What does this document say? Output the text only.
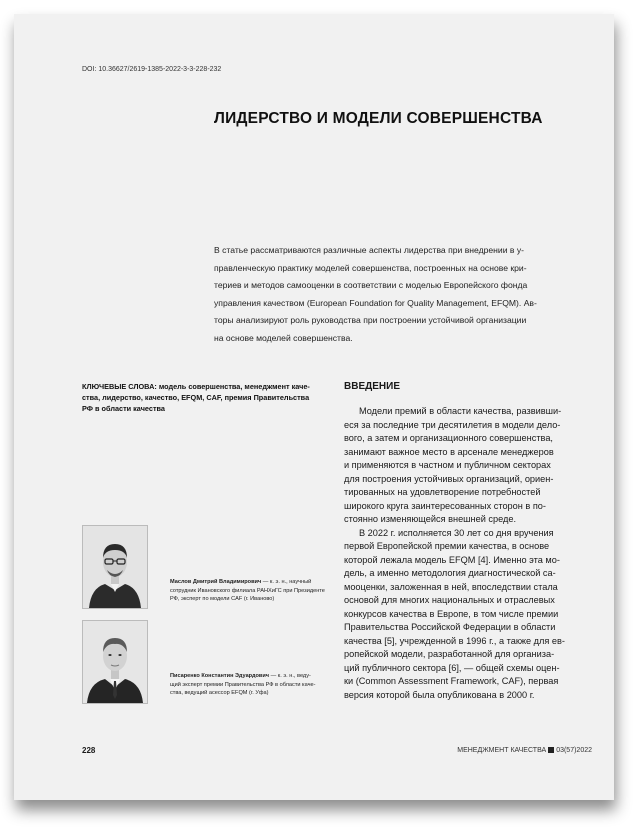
DOI: 10.36627/2619-1385-2022-3-3-228-232
ЛИДЕРСТВО И МОДЕЛИ СОВЕРШЕНСТВА
В статье рассматриваются различные аспекты лидерства при внедрении в у-
правленческую практику моделей совершенства, построенных на основе кри-
териев и методов самооценки в соответствии с моделью Европейского фонда
управления качеством (European Foundation for Quality Management, EFQM). Ав-
торы анализируют роль руководства при построении устойчивой организации
на основе моделей совершенства.
КЛЮЧЕВЫЕ СЛОВА: модель совершенства, менеджмент каче-
ства, лидерство, качество, EFQM, CAF, премия Правительства
РФ в области качества
ВВЕДЕНИЕ
Модели премий в области качества, развивши-
еся за последние три десятилетия в модели дело-
вого, а затем и организационного совершенства,
занимают важное место в арсенале менеджеров
и применяются в частном и публичном секторах
для построения устойчивых организаций, ориен-
тированных на удовлетворение потребностей
широкого круга заинтересованных сторон в по-
стоянно изменяющейся внешней среде.
В 2022 г. исполняется 30 лет со дня вручения
первой Европейской премии качества, в основе
которой лежала модель EFQM [4]. Именно эта мо-
дель, а именно методология диагностической са-
мооценки, заложенная в ней, впоследствии стала
основой для многих национальных и отраслевых
конкурсов качества в Европе, в том числе премии
Правительства Российской Федерации в области
качества [5], учрежденной в 1996 г., а также для ев-
ропейской модели, разработанной для организа-
ций публичного сектора [6], — общей схемы оцен-
ки (Common Assessment Framework, CAF), первая
версия которой была опубликована в 2000 г.
Маслов Дмитрий Владимирович — к. э. н., научный
сотрудник Ивановского филиала РАНХиГС при Президенте
РФ, эксперт по модели CAF (г. Иваново)
Писаренко Константин Эдуардович — к. э. н., веду-
щий эксперт премии Правительства РФ в области каче-
ства, ведущий асессор EFQM (г. Уфа)
228	МЕНЕДЖМЕНТ КАЧЕСТВА 03(57)2022
